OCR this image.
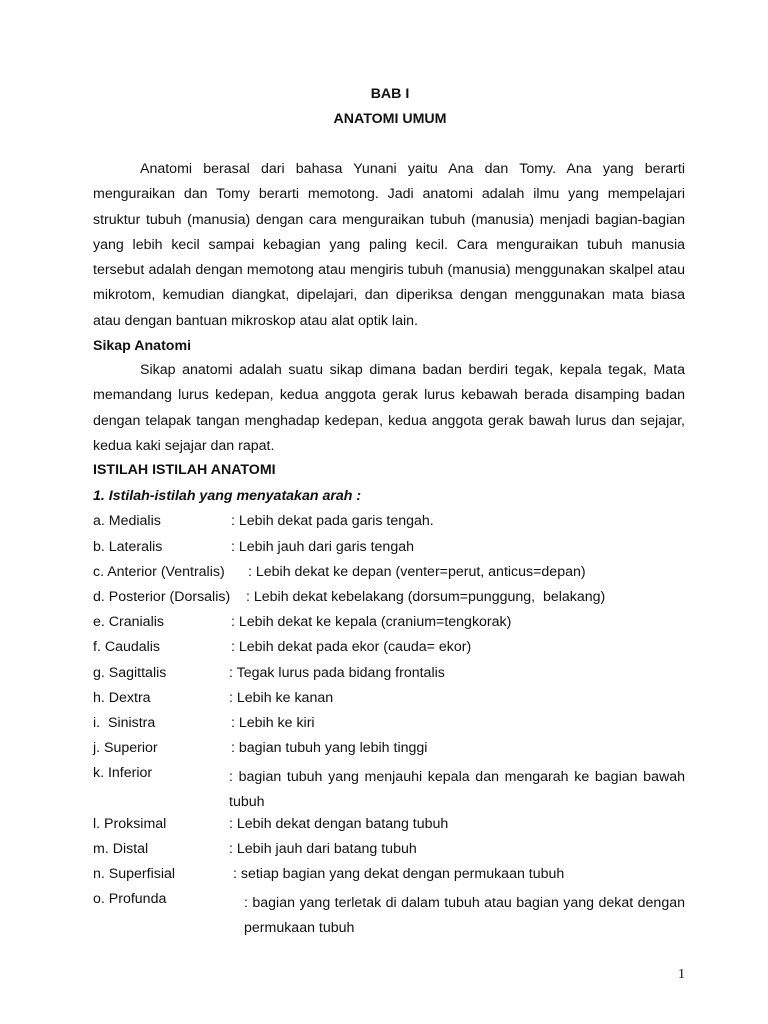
BAB I
ANATOMI UMUM

Anatomi berasal dari bahasa Yunani yaitu Ana dan Tomy. Ana yang berarti menguraikan dan Tomy berarti memotong. Jadi anatomi adalah ilmu yang mempelajari struktur tubuh (manusia) dengan cara menguraikan tubuh (manusia) menjadi bagian-bagian yang lebih kecil sampai kebagian yang paling kecil. Cara menguraikan tubuh manusia tersebut adalah dengan memotong atau mengiris tubuh (manusia) menggunakan skalpel atau mikrotom, kemudian diangkat, dipelajari, dan diperiksa dengan menggunakan mata biasa atau dengan bantuan mikroskop atau alat optik lain.

Sikap Anatomi

Sikap anatomi adalah suatu sikap dimana badan berdiri tegak, kepala tegak, Mata memandang lurus kedepan, kedua anggota gerak lurus kebawah berada disamping badan dengan telapak tangan menghadap kedepan, kedua anggota gerak bawah lurus dan sejajar, kedua kaki sejajar dan rapat.

ISTILAH ISTILAH ANATOMI
1. Istilah-istilah yang menyatakan arah :
a. Medialis	: Lebih dekat pada garis tengah.
b. Lateralis	: Lebih jauh dari garis tengah
c. Anterior (Ventralis) : Lebih dekat ke depan (venter=perut, anticus=depan)
d. Posterior (Dorsalis) : Lebih dekat kebelakang (dorsum=punggung,  belakang)
e. Cranialis	: Lebih dekat ke kepala (cranium=tengkorak)
f. Caudalis	: Lebih dekat pada ekor (cauda= ekor)
g. Sagittalis	: Tegak lurus pada bidang frontalis
h. Dextra	: Lebih ke kanan
i.  Sinistra	: Lebih ke kiri
j. Superior	: bagian tubuh yang lebih tinggi
k. Inferior	: bagian tubuh yang menjauhi kepala dan mengarah ke bagian bawah tubuh
l. Proksimal	: Lebih dekat dengan batang tubuh
m. Distal	: Lebih jauh dari batang tubuh
n. Superfisial	: setiap bagian yang dekat dengan permukaan tubuh
o. Profunda	: bagian yang terletak di dalam tubuh atau bagian yang dekat dengan permukaan tubuh
1
